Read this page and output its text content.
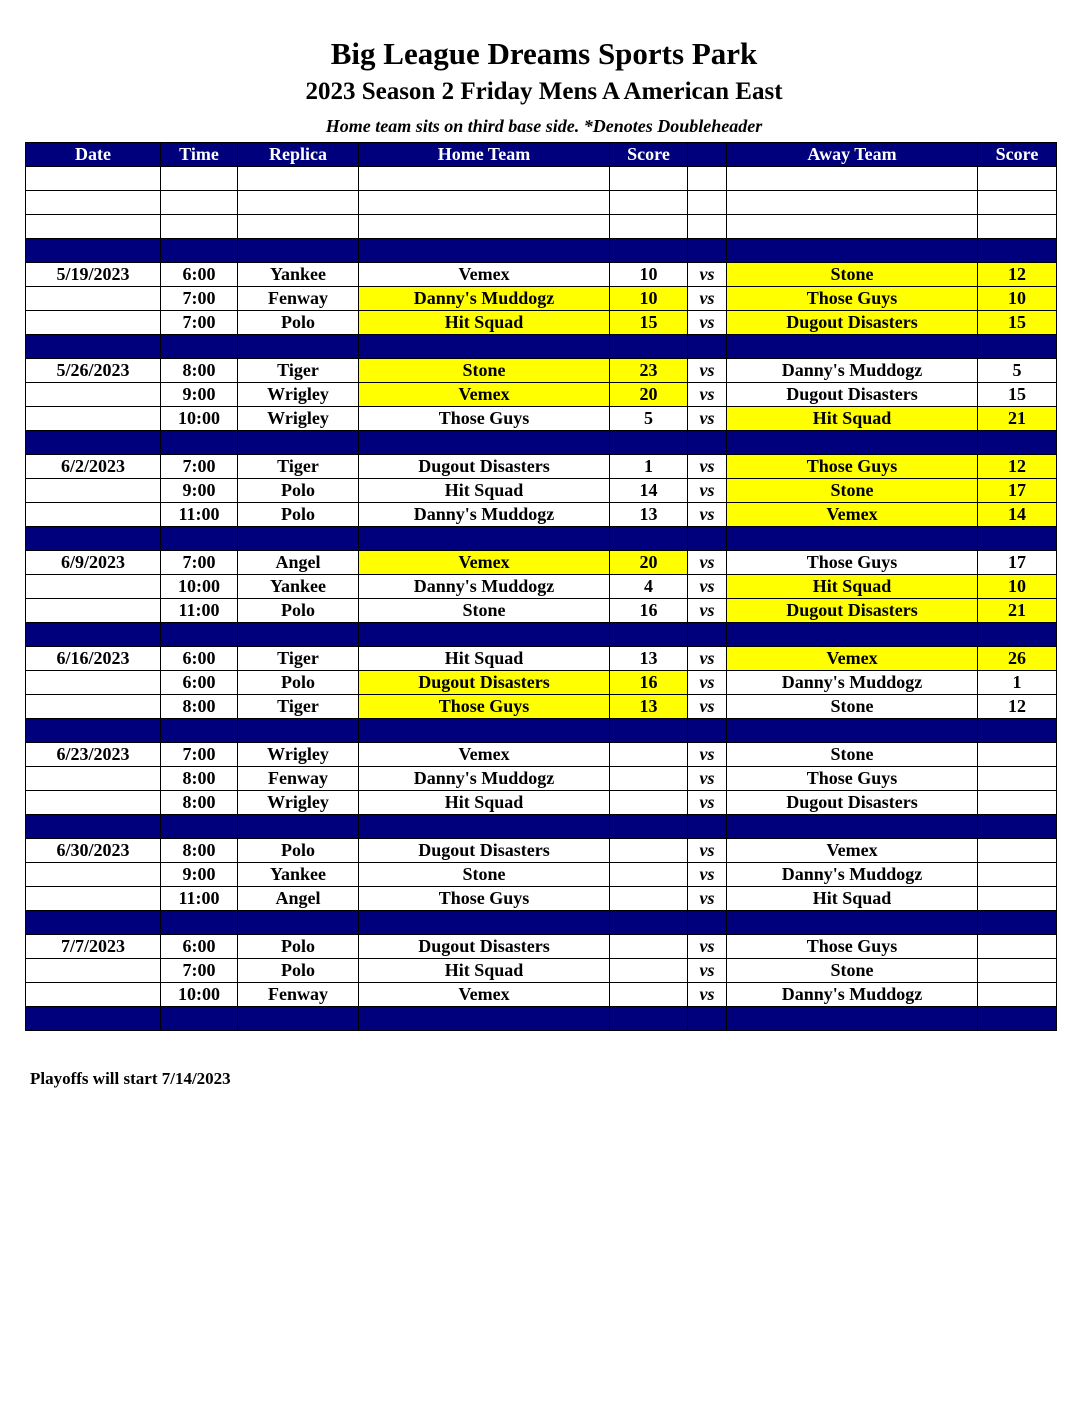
Big League Dreams Sports Park
2023 Season 2 Friday Mens A American East
Home team sits on third base side. *Denotes Doubleheader
Date	Time	Replica	Home Team	Score		Away Team	Score

5/19/2023	6:00	Yankee	Vemex	10	vs	Stone	12
	7:00	Fenway	Danny's Muddogz	10	vs	Those Guys	10
	7:00	Polo	Hit Squad	15	vs	Dugout Disasters	15

5/26/2023	8:00	Tiger	Stone	23	vs	Danny's Muddogz	5
	9:00	Wrigley	Vemex	20	vs	Dugout Disasters	15
	10:00	Wrigley	Those Guys	5	vs	Hit Squad	21

6/2/2023	7:00	Tiger	Dugout Disasters	1	vs	Those Guys	12
	9:00	Polo	Hit Squad	14	vs	Stone	17
	11:00	Polo	Danny's Muddogz	13	vs	Vemex	14

6/9/2023	7:00	Angel	Vemex	20	vs	Those Guys	17
	10:00	Yankee	Danny's Muddogz	4	vs	Hit Squad	10
	11:00	Polo	Stone	16	vs	Dugout Disasters	21

6/16/2023	6:00	Tiger	Hit Squad	13	vs	Vemex	26
	6:00	Polo	Dugout Disasters	16	vs	Danny's Muddogz	1
	8:00	Tiger	Those Guys	13	vs	Stone	12

6/23/2023	7:00	Wrigley	Vemex		vs	Stone	
	8:00	Fenway	Danny's Muddogz		vs	Those Guys	
	8:00	Wrigley	Hit Squad		vs	Dugout Disasters	

6/30/2023	8:00	Polo	Dugout Disasters		vs	Vemex	
	9:00	Yankee	Stone		vs	Danny's Muddogz	
	11:00	Angel	Those Guys		vs	Hit Squad	

7/7/2023	6:00	Polo	Dugout Disasters		vs	Those Guys	
	7:00	Polo	Hit Squad		vs	Stone	
	10:00	Fenway	Vemex		vs	Danny's Muddogz	

Playoffs will start 7/14/2023
